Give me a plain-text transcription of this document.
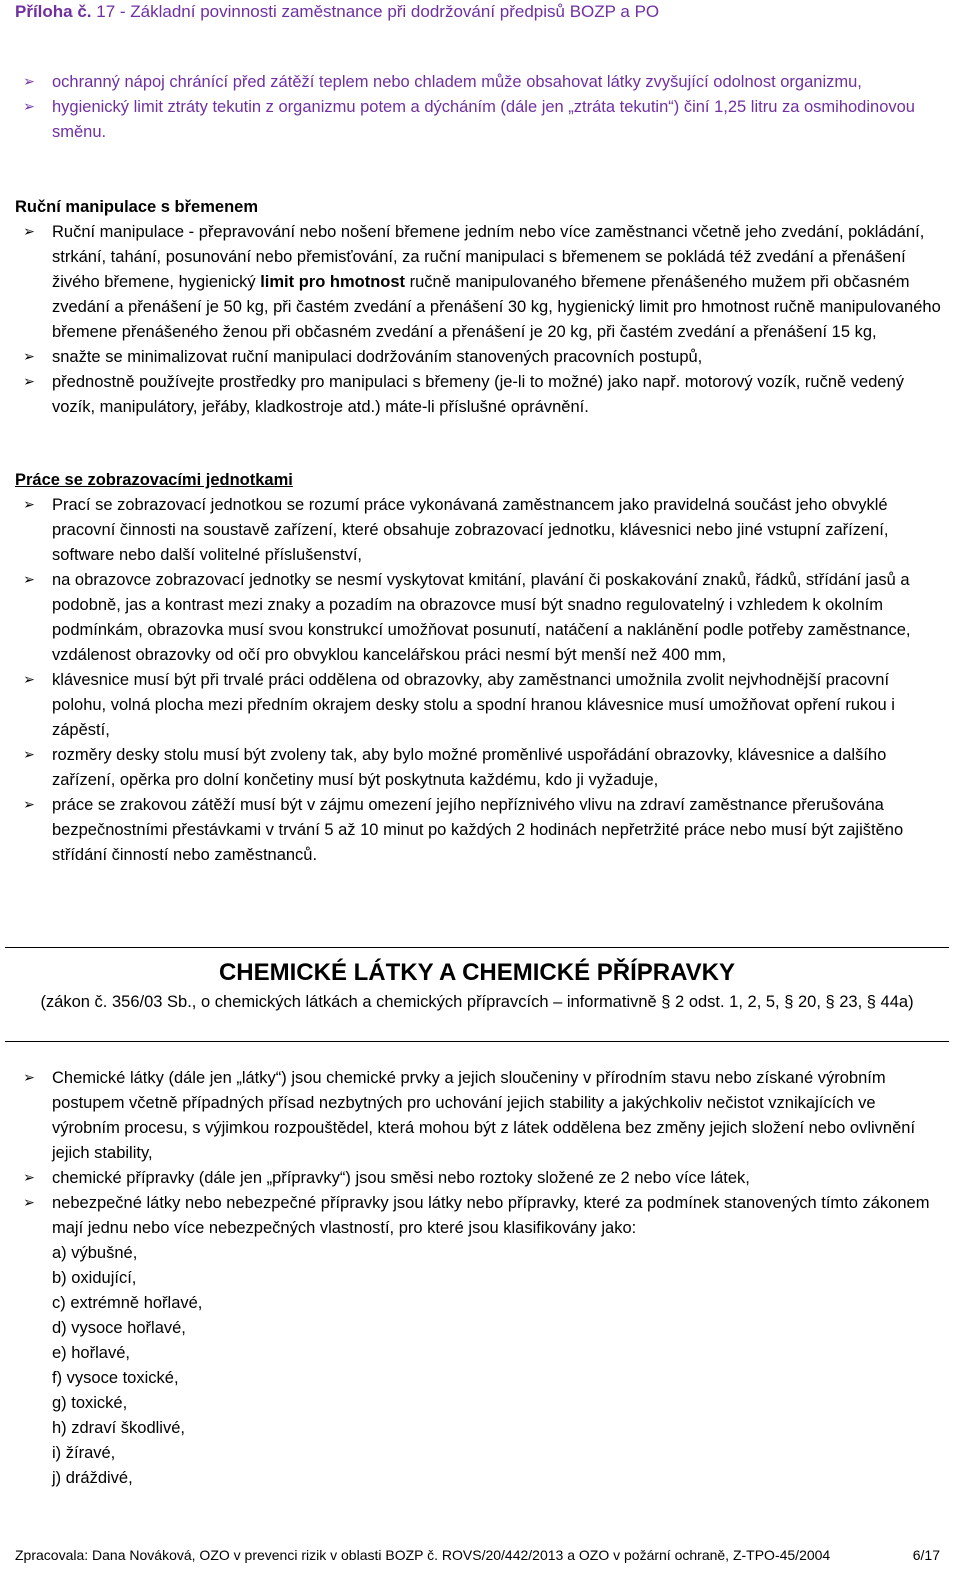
Příloha č. 17 - Základní povinnosti zaměstnance při dodržování předpisů BOZP a PO
➢ ochranný nápoj chránící před zátěží teplem nebo chladem může obsahovat látky zvyšující odolnost organizmu,
➢ hygienický limit ztráty tekutin z organizmu potem a dýcháním (dále jen „ztráta tekutin“) činí 1,25 litru za osmihodinovou směnu.
Ruční manipulace s břemenem
➢ Ruční manipulace - přepravování nebo nošení břemene jedním nebo více zaměstnanci včetně jeho zvedání, pokládání, strkání, tahání, posunování nebo přemisťování, za ruční manipulaci s břemenem se pokládá též zvedání a přenášení živého břemene, hygienický limit pro hmotnost ručně manipulovaného břemene přenášeného mužem při občasném zvedání a přenášení je 50 kg, při častém zvedání a přenášení 30 kg, hygienický limit pro hmotnost ručně manipulovaného břemene přenášeného ženou při občasném zvedání a přenášení je 20 kg, při častém zvedání a přenášení 15 kg,
➢ snažte se minimalizovat ruční manipulaci dodržováním stanovených pracovních postupů,
➢ přednostně používejte prostředky pro manipulaci s břemeny (je-li to možné) jako např. motorový vozík, ručně vedený vozík, manipulátory, jeřáby, kladkostroje atd.) máte-li příslušné oprávnění.
Práce se zobrazovacími jednotkami
➢ Prací se zobrazovací jednotkou se rozumí práce vykonávaná zaměstnancem jako pravidelná součást jeho obvyklé pracovní činnosti na soustavě zařízení, které obsahuje zobrazovací jednotku, klávesnici nebo jiné vstupní zařízení, software nebo další volitelné příslušenství,
➢ na obrazovce zobrazovací jednotky se nesmí vyskytovat kmitání, plavání či poskakování znaků, řádků, střídání jasů a podobně, jas a kontrast mezi znaky a pozadím na obrazovce musí být snadno regulovatelný i vzhledem k okolním podmínkám, obrazovka musí svou konstrukcí umožňovat posunutí, natáčení a naklánění podle potřeby zaměstnance, vzdálenost obrazovky od očí pro obvyklou kancelářskou práci nesmí být menší než 400 mm,
➢ klávesnice musí být při trvalé práci oddělena od obrazovky, aby zaměstnanci umožnila zvolit nejvhodnější pracovní polohu, volná plocha mezi předním okrajem desky stolu a spodní hranou klávesnice musí umožňovat opření rukou i zápěstí,
➢ rozměry desky stolu musí být zvoleny tak, aby bylo možné proměnlivé uspořádání obrazovky, klávesnice a dalšího zařízení, opěrka pro dolní končetiny musí být poskytnuta každému, kdo ji vyžaduje,
➢ práce se zrakovou zátěží musí být v zájmu omezení jejího nepříznivého vlivu na zdraví zaměstnance přerušována bezpečnostními přestávkami v trvání 5 až 10 minut po každých 2 hodinách nepřetržité práce nebo musí být zajištěno střídání činností nebo zaměstnanců.
CHEMICKÉ LÁTKY A CHEMICKÉ PŘÍPRAVKY
(zákon č. 356/03 Sb., o chemických látkách a chemických přípravcích – informativně § 2 odst. 1, 2, 5, § 20, § 23, § 44a)
➢ Chemické látky (dále jen „látky“) jsou chemické prvky a jejich sloučeniny v přírodním stavu nebo získané výrobním postupem včetně případných přísad nezbytných pro uchování jejich stability a jakýchkoliv nečistot vznikajících ve výrobním procesu, s výjimkou rozpouštědel, která mohou být z látek oddělena bez změny jejich složení nebo ovlivnění jejich stability,
➢ chemické přípravky (dále jen „přípravky“) jsou směsi nebo roztoky složené ze 2 nebo více látek,
➢ nebezpečné látky nebo nebezpečné přípravky jsou látky nebo přípravky, které za podmínek stanovených tímto zákonem mají jednu nebo více nebezpečných vlastností, pro které jsou klasifikovány jako:
a) výbušné,
b) oxidující,
c) extrémně hořlavé,
d) vysoce hořlavé,
e) hořlavé,
f) vysoce toxické,
g) toxické,
h) zdraví škodlivé,
i) žíravé,
j) dráždivé,
Zpracovala: Dana Nováková, OZO v prevenci rizik v oblasti BOZP č. ROVS/20/442/2013 a OZO v požární ochraně, Z-TPO-45/2004	6/17
